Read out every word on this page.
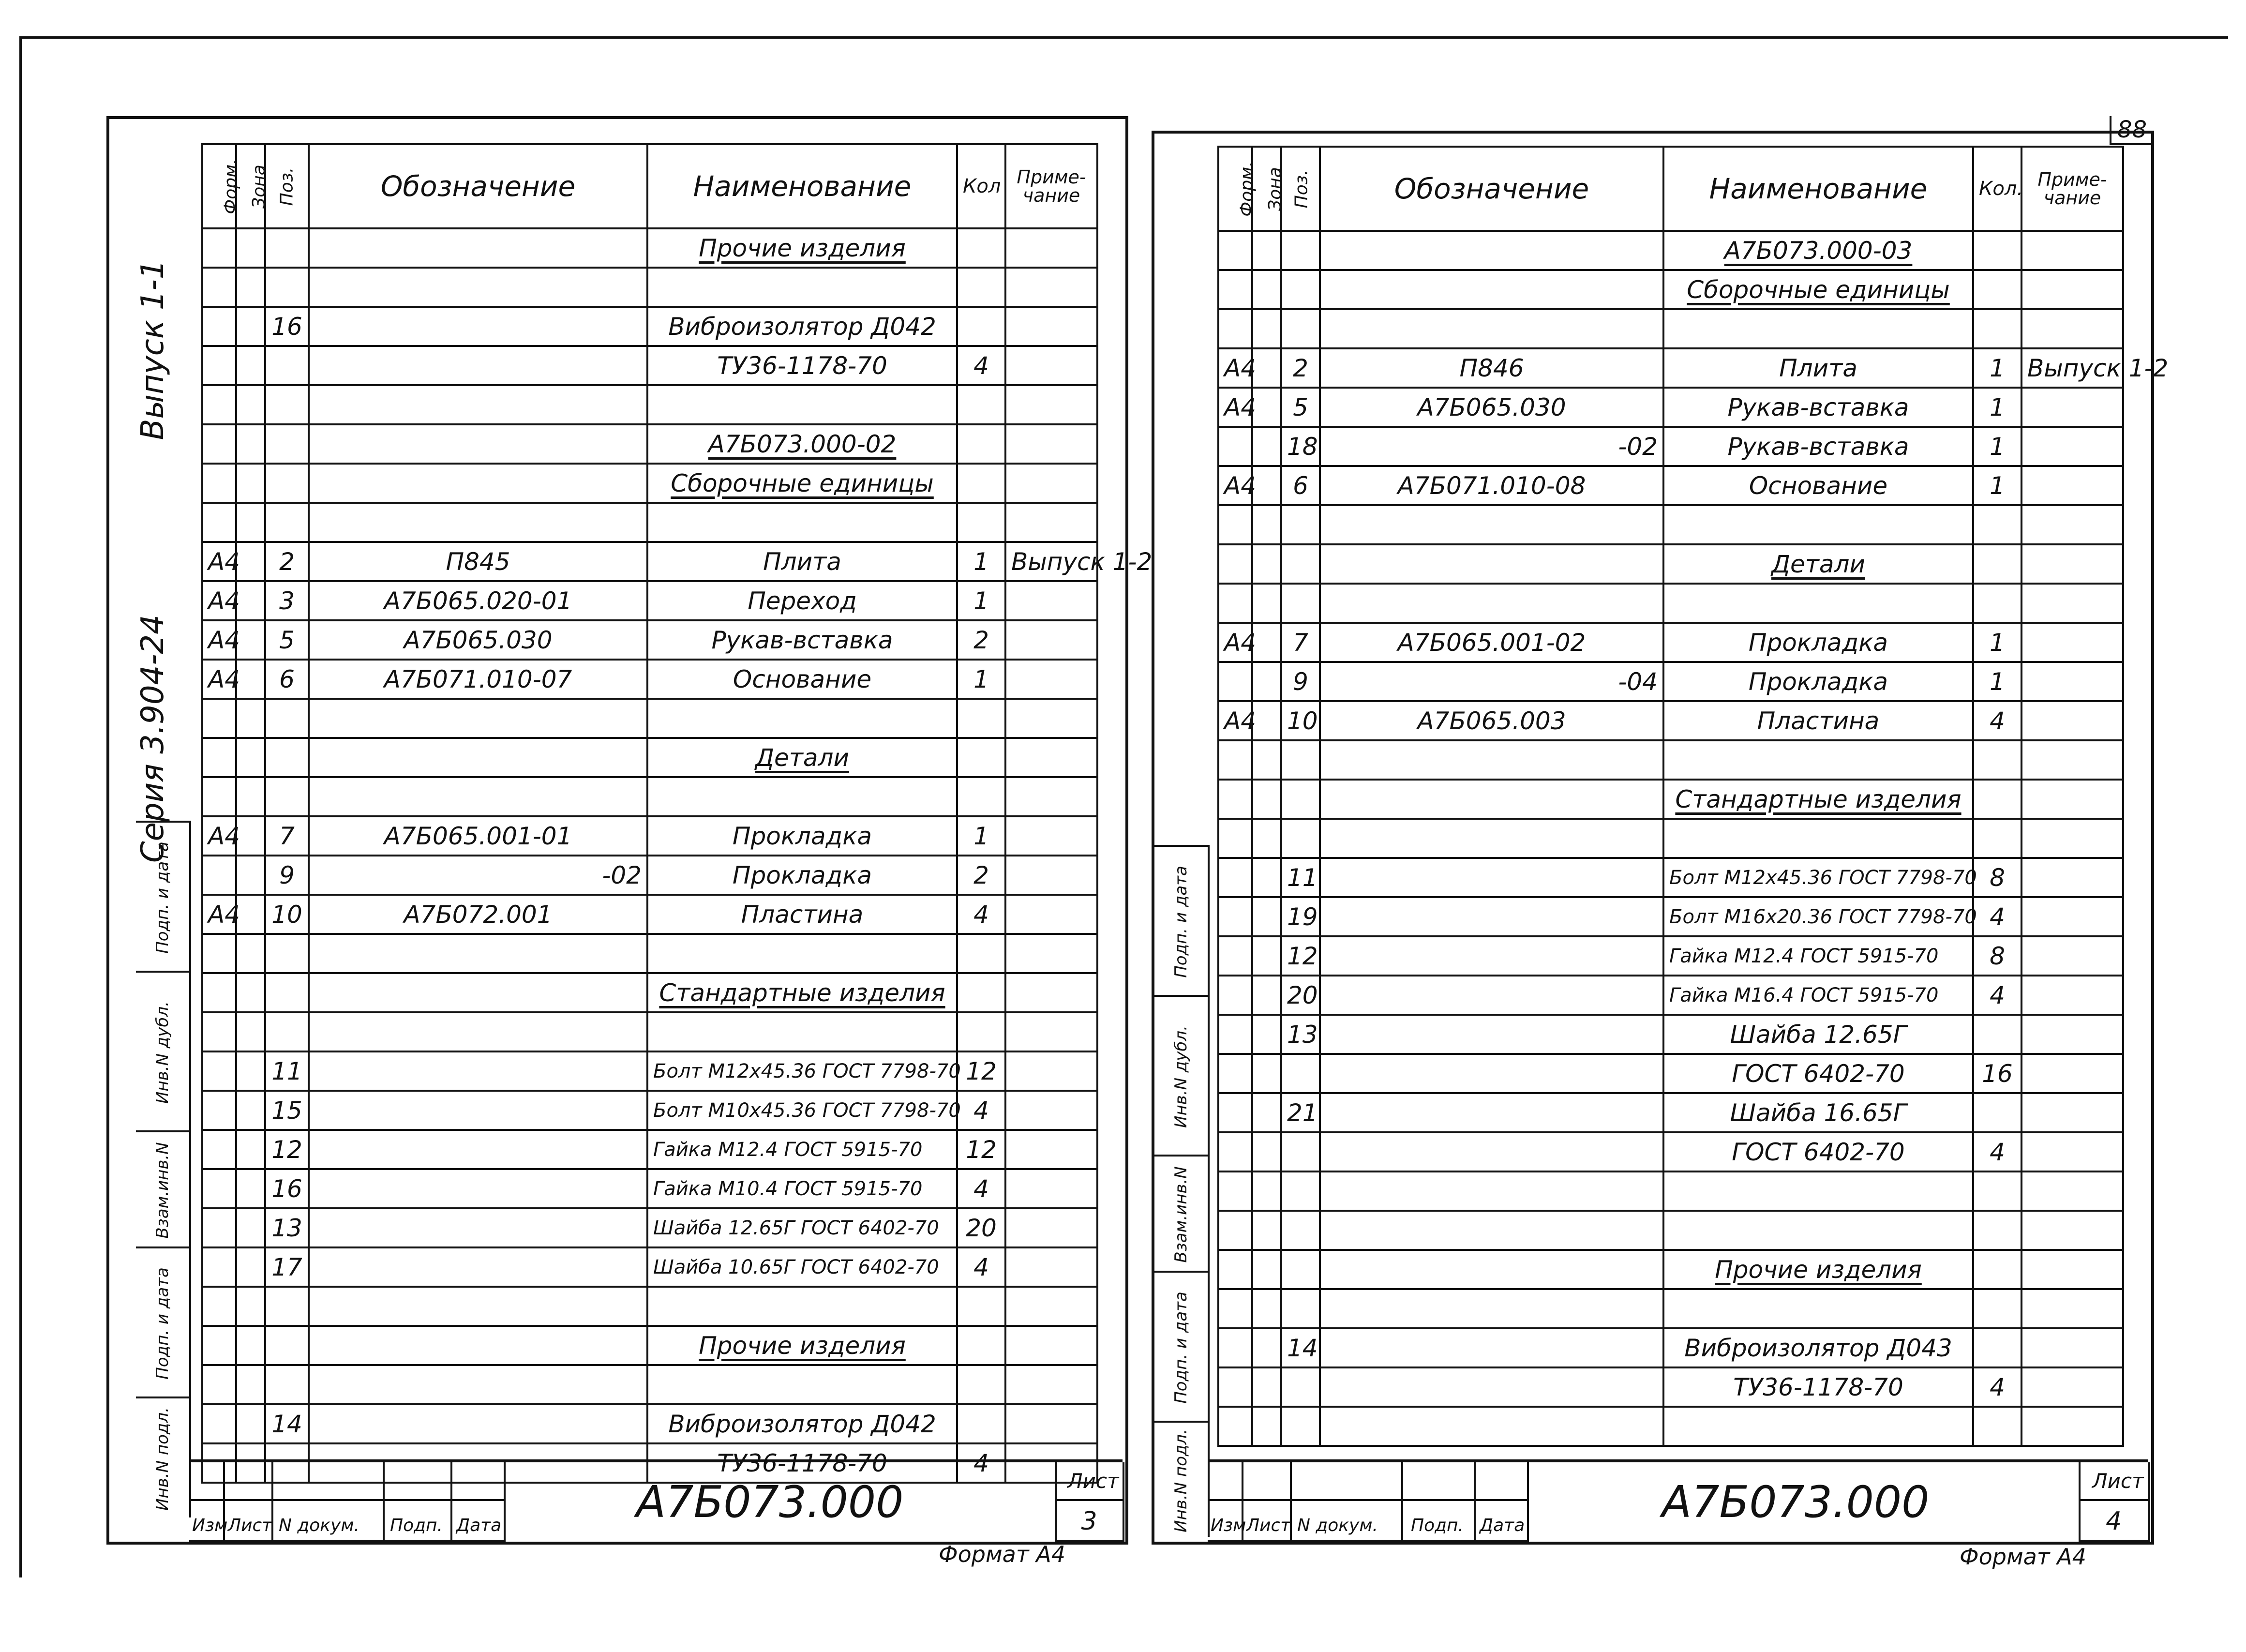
88
Выпуск 1-1
Серия 3.904-24
Подп. и дата
Инв.N дубл.
Взам.инв.N
Подп. и дата
Инв.N подл.
Форм.	Зона	Поз.	Обозначение	Наименование	Кол	Приме-чание
				Прочие изделия		

		16		Виброизолятор Д042		
				ТУ36-1178-70	4	

				А7Б073.000-02		
				Сборочные единицы		

А4		2	П845	Плита	1	Выпуск 1-2
А4		3	А7Б065.020-01	Переход	1	
А4		5	А7Б065.030	Рукав-вставка	2	
А4		6	А7Б071.010-07	Основание	1	

				Детали		

А4		7	А7Б065.001-01	Прокладка	1	
		9	-02	Прокладка	2	
А4		10	А7Б072.001	Пластина	4	

				Стандартные изделия		

		11		Болт М12х45.36 ГОСТ 7798-70	12	
		15		Болт М10х45.36 ГОСТ 7798-70	4	
		12		Гайка М12.4 ГОСТ 5915-70	12	
		16		Гайка М10.4 ГОСТ 5915-70	4	
		13		Шайба 12.65Г ГОСТ 6402-70	20	
		17		Шайба 10.65Г ГОСТ 6402-70	4	

				Прочие изделия		

		14		Виброизолятор Д042		
				ТУ36-1178-70	4	
Изм Лист N докум. Подп. Дата	А7Б073.000	Лист
3
Формат А4
Подп. и дата
Инв.N дубл.
Взам.инв.N
Подп. и дата
Инв.N подл.
Форм.	Зона	Поз.	Обозначение	Наименование	Кол.	Приме-чание
				А7Б073.000-03		
				Сборочные единицы		

А4		2	П846	Плита	1	Выпуск 1-2
А4		5	А7Б065.030	Рукав-вставка	1	
		18	-02	Рукав-вставка	1	
А4		6	А7Б071.010-08	Основание	1	

				Детали		

А4		7	А7Б065.001-02	Прокладка	1	
		9	-04	Прокладка	1	
А4		10	А7Б065.003	Пластина	4	

				Стандартные изделия		

		11		Болт М12х45.36 ГОСТ 7798-70	8	
		19		Болт М16х20.36 ГОСТ 7798-70	4	
		12		Гайка М12.4 ГОСТ 5915-70	8	
		20		Гайка М16.4 ГОСТ 5915-70	4	
		13		Шайба 12.65Г		
				ГОСТ 6402-70	16	
		21		Шайба 16.65Г		
				ГОСТ 6402-70	4	

				Прочие изделия		

		14		Виброизолятор Д043		
				ТУ36-1178-70	4	

Изм Лист N докум. Подп. Дата	А7Б073.000	Лист
4
Формат А4
